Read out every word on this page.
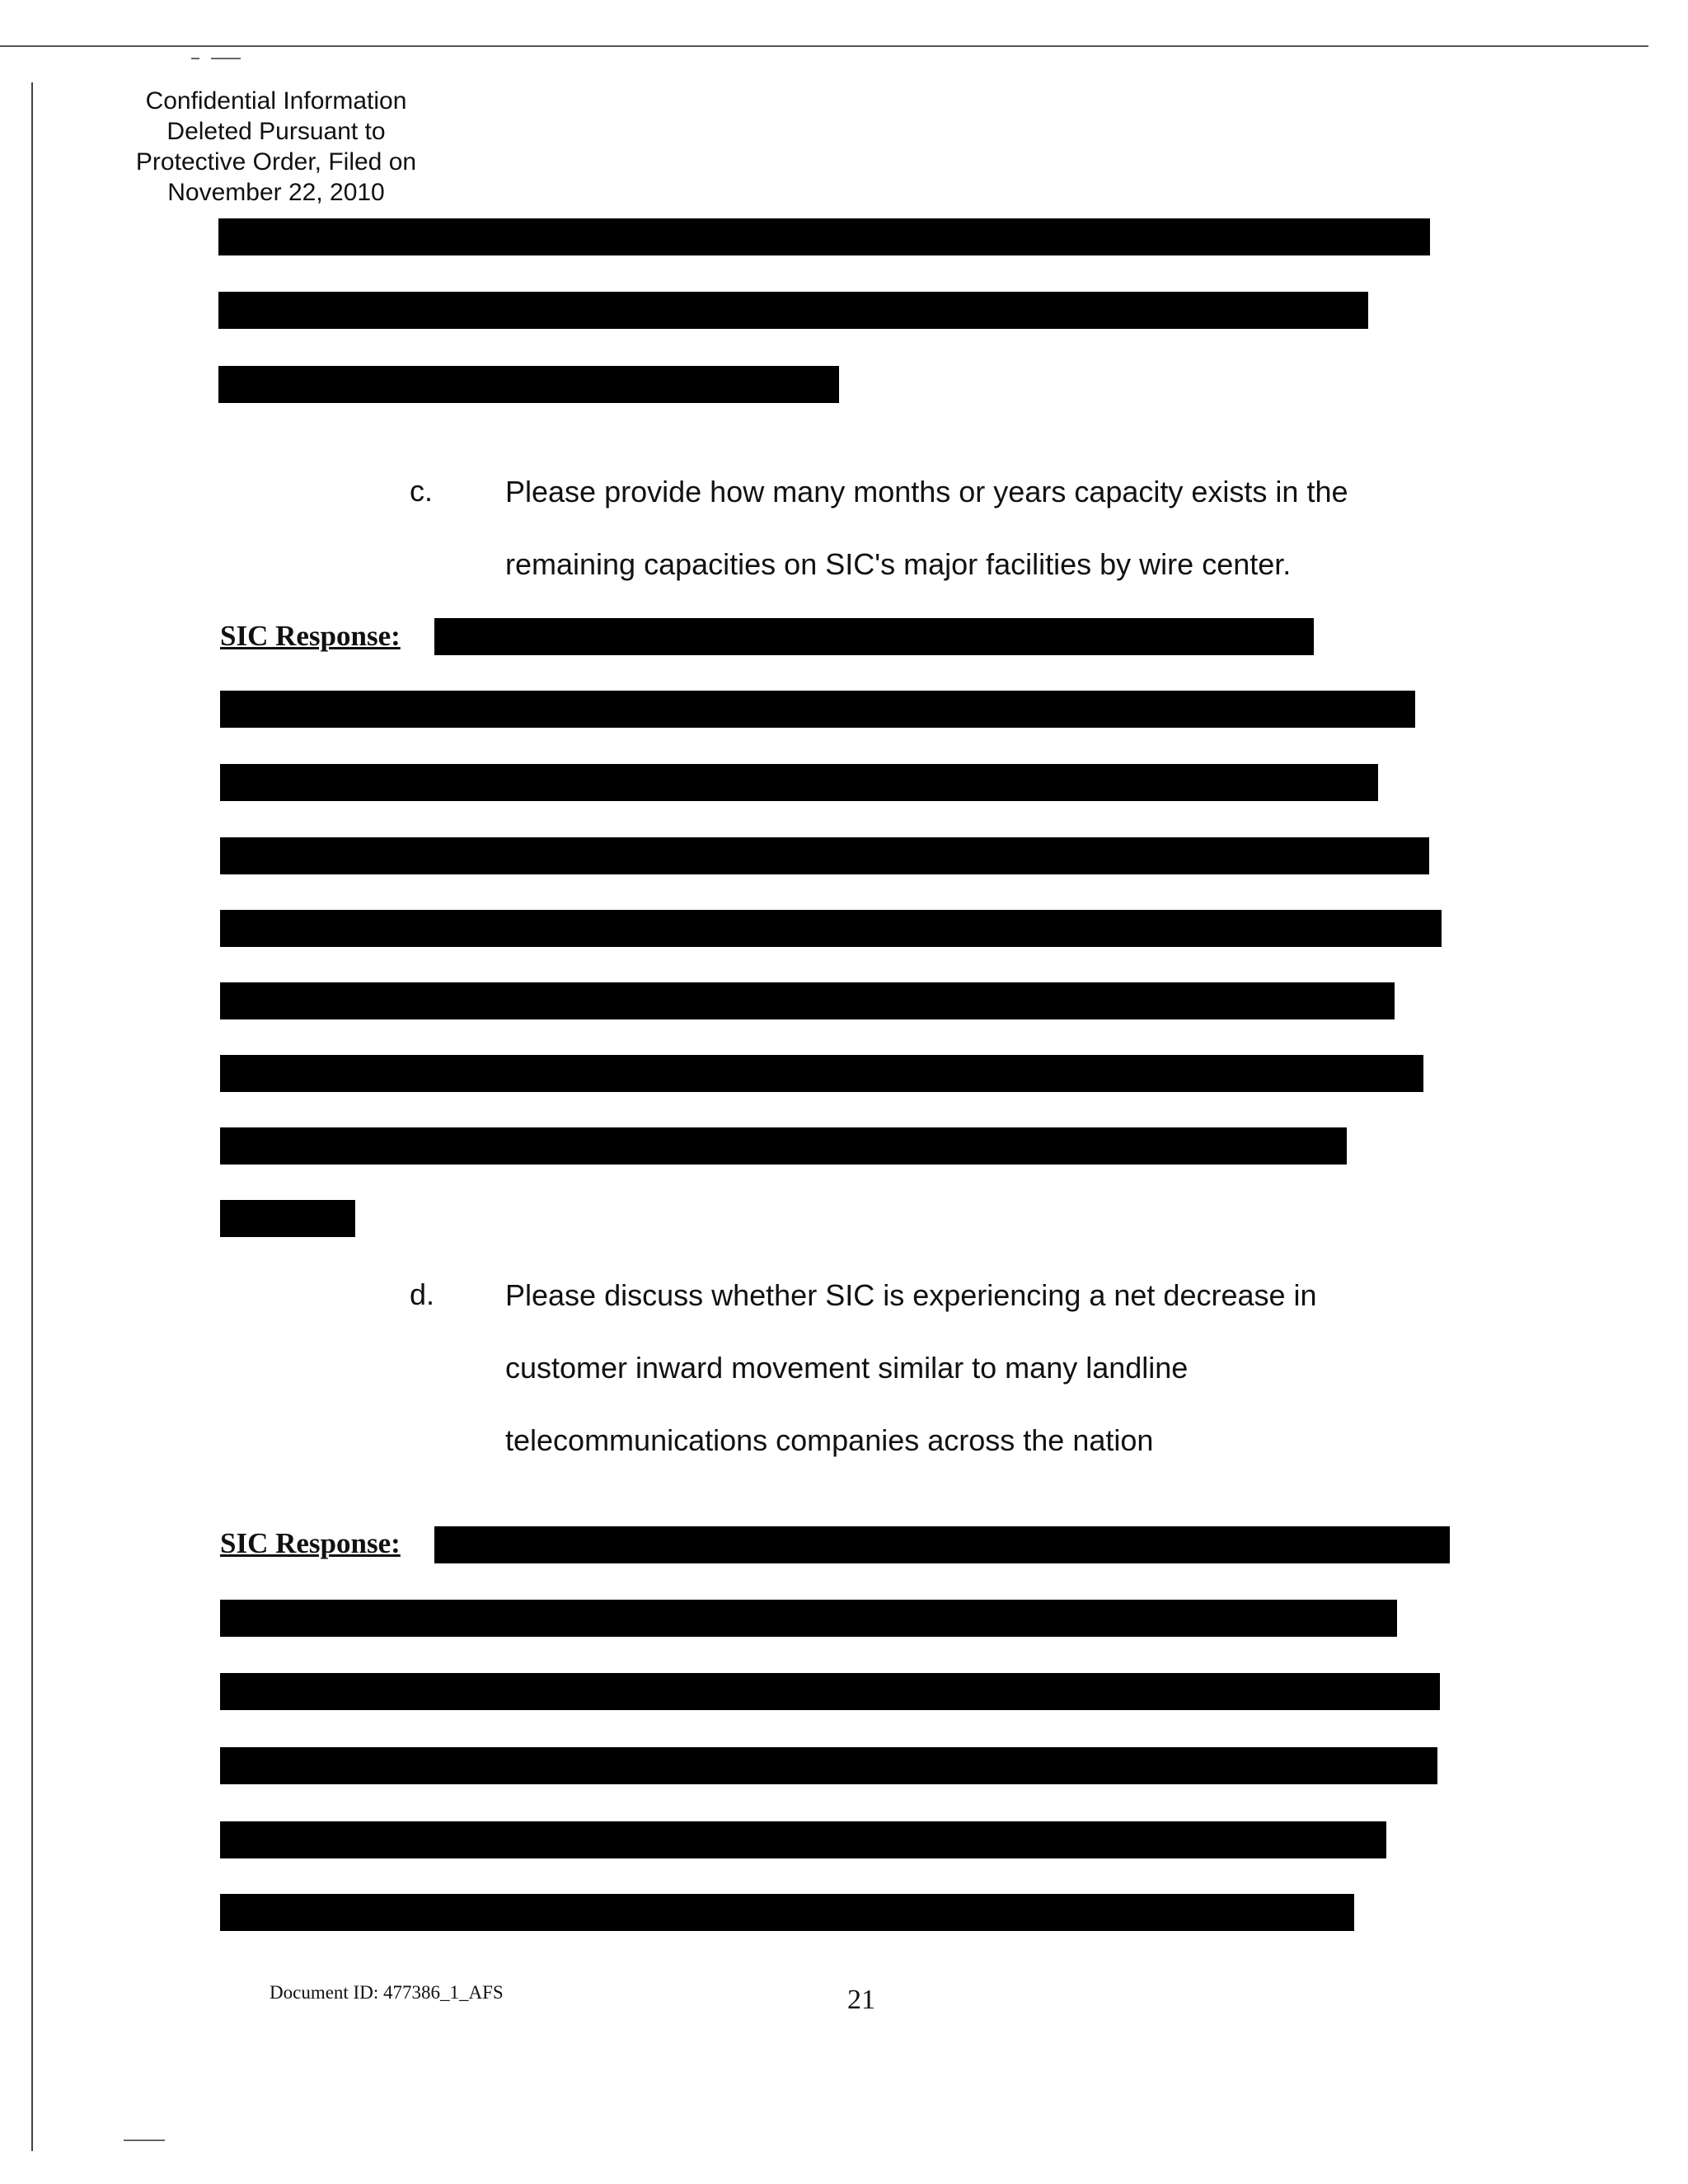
Confidential Information
Deleted Pursuant to
Protective Order, Filed on
November 22, 2010
c. Please provide how many months or years capacity exists in the
remaining capacities on SIC's major facilities by wire center.
SIC Response:
d. Please discuss whether SIC is experiencing a net decrease in
customer inward movement similar to many landline
telecommunications companies across the nation
SIC Response:
Document ID: 477386_1_AFS	21
